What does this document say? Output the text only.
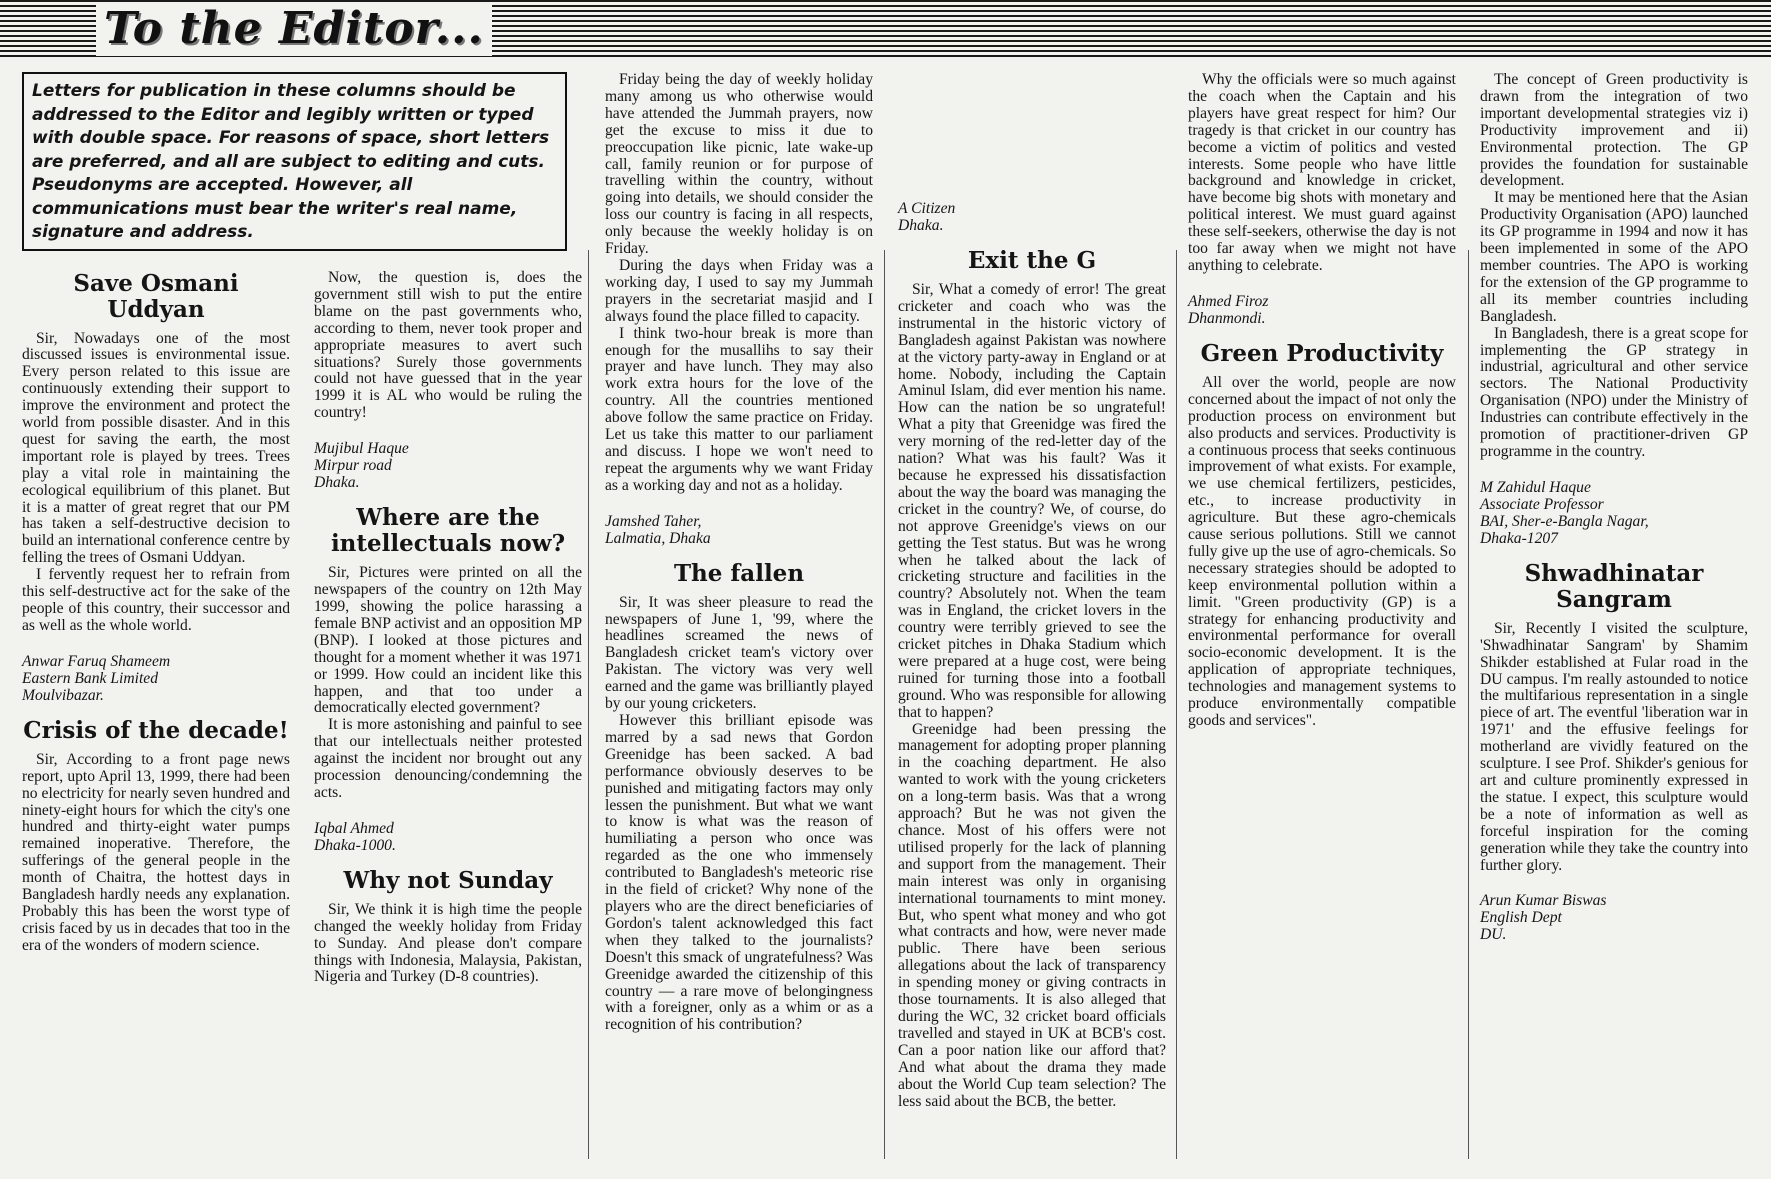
To the Editor...
Letters for publication in these columns should be addressed to the Editor and legibly written or typed with double space. For reasons of space, short letters are preferred, and all are subject to editing and cuts. Pseudonyms are accepted. However, all communications must bear the writer's real name, signature and address.
Save Osmani Uddyan

Sir, Nowadays one of the most discussed issues is environmental issue. Every person related to this issue are continuously extending their support to improve the environment and protect the world from possible disaster. And in this quest for saving the earth, the most important role is played by trees. Trees play a vital role in maintaining the ecological equilibrium of this planet. But it is a matter of great regret that our PM has taken a self-destructive decision to build an international conference centre by felling the trees of Osmani Uddyan.

I fervently request her to refrain from this self-destructive act for the sake of the people of this country, their successor and as well as the whole world.

Anwar Faruq Shameem
Eastern Bank Limited
Moulvibazar.
Crisis of the decade!

Sir, According to a front page news report, upto April 13, 1999, there had been no electricity for nearly seven hundred and ninety-eight hours for which the city's one hundred and thirty-eight water pumps remained inoperative. Therefore, the sufferings of the general people in the month of Chaitra, the hottest days in Bangladesh hardly needs any explanation. Probably this has been the worst type of crisis faced by us in decades that too in the era of the wonders of modern science.

Now, the question is, does the government still wish to put the entire blame on the past governments who, according to them, never took proper and appropriate measures to avert such situations? Surely those governments could not have guessed that in the year 1999 it is AL who would be ruling the country!

Mujibul Haque
Mirpur road
Dhaka.
Where are the intellectuals now?

Sir, Pictures were printed on all the newspapers of the country on 12th May 1999, showing the police harassing a female BNP activist and an opposition MP (BNP). I looked at those pictures and thought for a moment whether it was 1971 or 1999. How could an incident like this happen, and that too under a democratically elected government?

It is more astonishing and painful to see that our intellectuals neither protested against the incident nor brought out any procession denouncing/condemning the acts.

Iqbal Ahmed
Dhaka-1000.
Why not Sunday

Sir, We think it is high time the people changed the weekly holiday from Friday to Sunday. And please don't compare things with Indonesia, Malaysia, Pakistan, Nigeria and Turkey (D-8 countries).

Friday being the day of weekly holiday many among us who otherwise would have attended the Jummah prayers, now get the excuse to miss it due to preoccupation like picnic, late wake-up call, family reunion or for purpose of travelling within the country, without going into details, we should consider the loss our country is facing in all respects, only because the weekly holiday is on Friday.

During the days when Friday was a working day, I used to say my Jummah prayers in the secretariat masjid and I always found the place filled to capacity.

I think two-hour break is more than enough for the musallihs to say their prayer and have lunch. They may also work extra hours for the love of the country. All the countries mentioned above follow the same practice on Friday. Let us take this matter to our parliament and discuss. I hope we won't need to repeat the arguments why we want Friday as a working day and not as a holiday.

Jamshed Taher,
Lalmatia, Dhaka
The fallen

Sir, It was sheer pleasure to read the newspapers of June 1, '99, where the headlines screamed the news of Bangladesh cricket team's victory over Pakistan. The victory was very well earned and the game was brilliantly played by our young cricketers.

However this brilliant episode was marred by a sad news that Gordon Greenidge has been sacked. A bad performance obviously deserves to be punished and mitigating factors may only lessen the punishment. But what we want to know is what was the reason of humiliating a person who once was regarded as the one who immensely contributed to Bangladesh's meteoric rise in the field of cricket? Why none of the players who are the direct beneficiaries of Gordon's talent acknowledged this fact when they talked to the journalists? Doesn't this smack of ungratefulness? Was Greenidge awarded the citizenship of this country — a rare move of belongingness with a foreigner, only as a whim or as a recognition of his contribution?

A Citizen
Dhaka.
Exit the G

Sir, What a comedy of error! The great cricketer and coach who was the instrumental in the historic victory of Bangladesh against Pakistan was nowhere at the victory party-away in England or at home. Nobody, including the Captain Aminul Islam, did ever mention his name. How can the nation be so ungrateful! What a pity that Greenidge was fired the very morning of the red-letter day of the nation? What was his fault? Was it because he expressed his dissatisfaction about the way the board was managing the cricket in the country? We, of course, do not approve Greenidge's views on our getting the Test status. But was he wrong when he talked about the lack of cricketing structure and facilities in the country? Absolutely not. When the team was in England, the cricket lovers in the country were terribly grieved to see the cricket pitches in Dhaka Stadium which were prepared at a huge cost, were being ruined for turning those into a football ground. Who was responsible for allowing that to happen?

Greenidge had been pressing the management for adopting proper planning in the coaching department. He also wanted to work with the young cricketers on a long-term basis. Was that a wrong approach? But he was not given the chance. Most of his offers were not utilised properly for the lack of planning and support from the management. Their main interest was only in organising international tournaments to mint money. But, who spent what money and who got what contracts and how, were never made public. There have been serious allegations about the lack of transparency in spending money or giving contracts in those tournaments. It is also alleged that during the WC, 32 cricket board officials travelled and stayed in UK at BCB's cost. Can a poor nation like our afford that? And what about the drama they made about the World Cup team selection? The less said about the BCB, the better.

Why the officials were so much against the coach when the Captain and his players have great respect for him? Our tragedy is that cricket in our country has become a victim of politics and vested interests. Some people who have little background and knowledge in cricket, have become big shots with monetary and political interest. We must guard against these self-seekers, otherwise the day is not too far away when we might not have anything to celebrate.

Ahmed Firoz
Dhanmondi.
Green Productivity

All over the world, people are now concerned about the impact of not only the production process on environment but also products and services. Productivity is a continuous process that seeks continuous improvement of what exists. For example, we use chemical fertilizers, pesticides, etc., to increase productivity in agriculture. But these agro-chemicals cause serious pollutions. Still we cannot fully give up the use of agro-chemicals. So necessary strategies should be adopted to keep environmental pollution within a limit. "Green productivity (GP) is a strategy for enhancing productivity and environmental performance for overall socio-economic development. It is the application of appropriate techniques, technologies and management systems to produce environmentally compatible goods and services".

The concept of Green productivity is drawn from the integration of two important developmental strategies viz i) Productivity improvement and ii) Environmental protection. The GP provides the foundation for sustainable development.

It may be mentioned here that the Asian Productivity Organisation (APO) launched its GP programme in 1994 and now it has been implemented in some of the APO member countries. The APO is working for the extension of the GP programme to all its member countries including Bangladesh.

In Bangladesh, there is a great scope for implementing the GP strategy in industrial, agricultural and other service sectors. The National Productivity Organisation (NPO) under the Ministry of Industries can contribute effectively in the promotion of practitioner-driven GP programme in the country.

M Zahidul Haque
Associate Professor
BAI, Sher-e-Bangla Nagar,
Dhaka-1207
Shwadhinatar Sangram

Sir, Recently I visited the sculpture, 'Shwadhinatar Sangram' by Shamim Shikder established at Fular road in the DU campus. I'm really astounded to notice the multifarious representation in a single piece of art. The eventful 'liberation war in 1971' and the effusive feelings for motherland are vividly featured on the sculpture. I see Prof. Shikder's genious for art and culture prominently expressed in the statue. I expect, this sculpture would be a note of information as well as forceful inspiration for the coming generation while they take the country into further glory.

Arun Kumar Biswas
English Dept
DU.
